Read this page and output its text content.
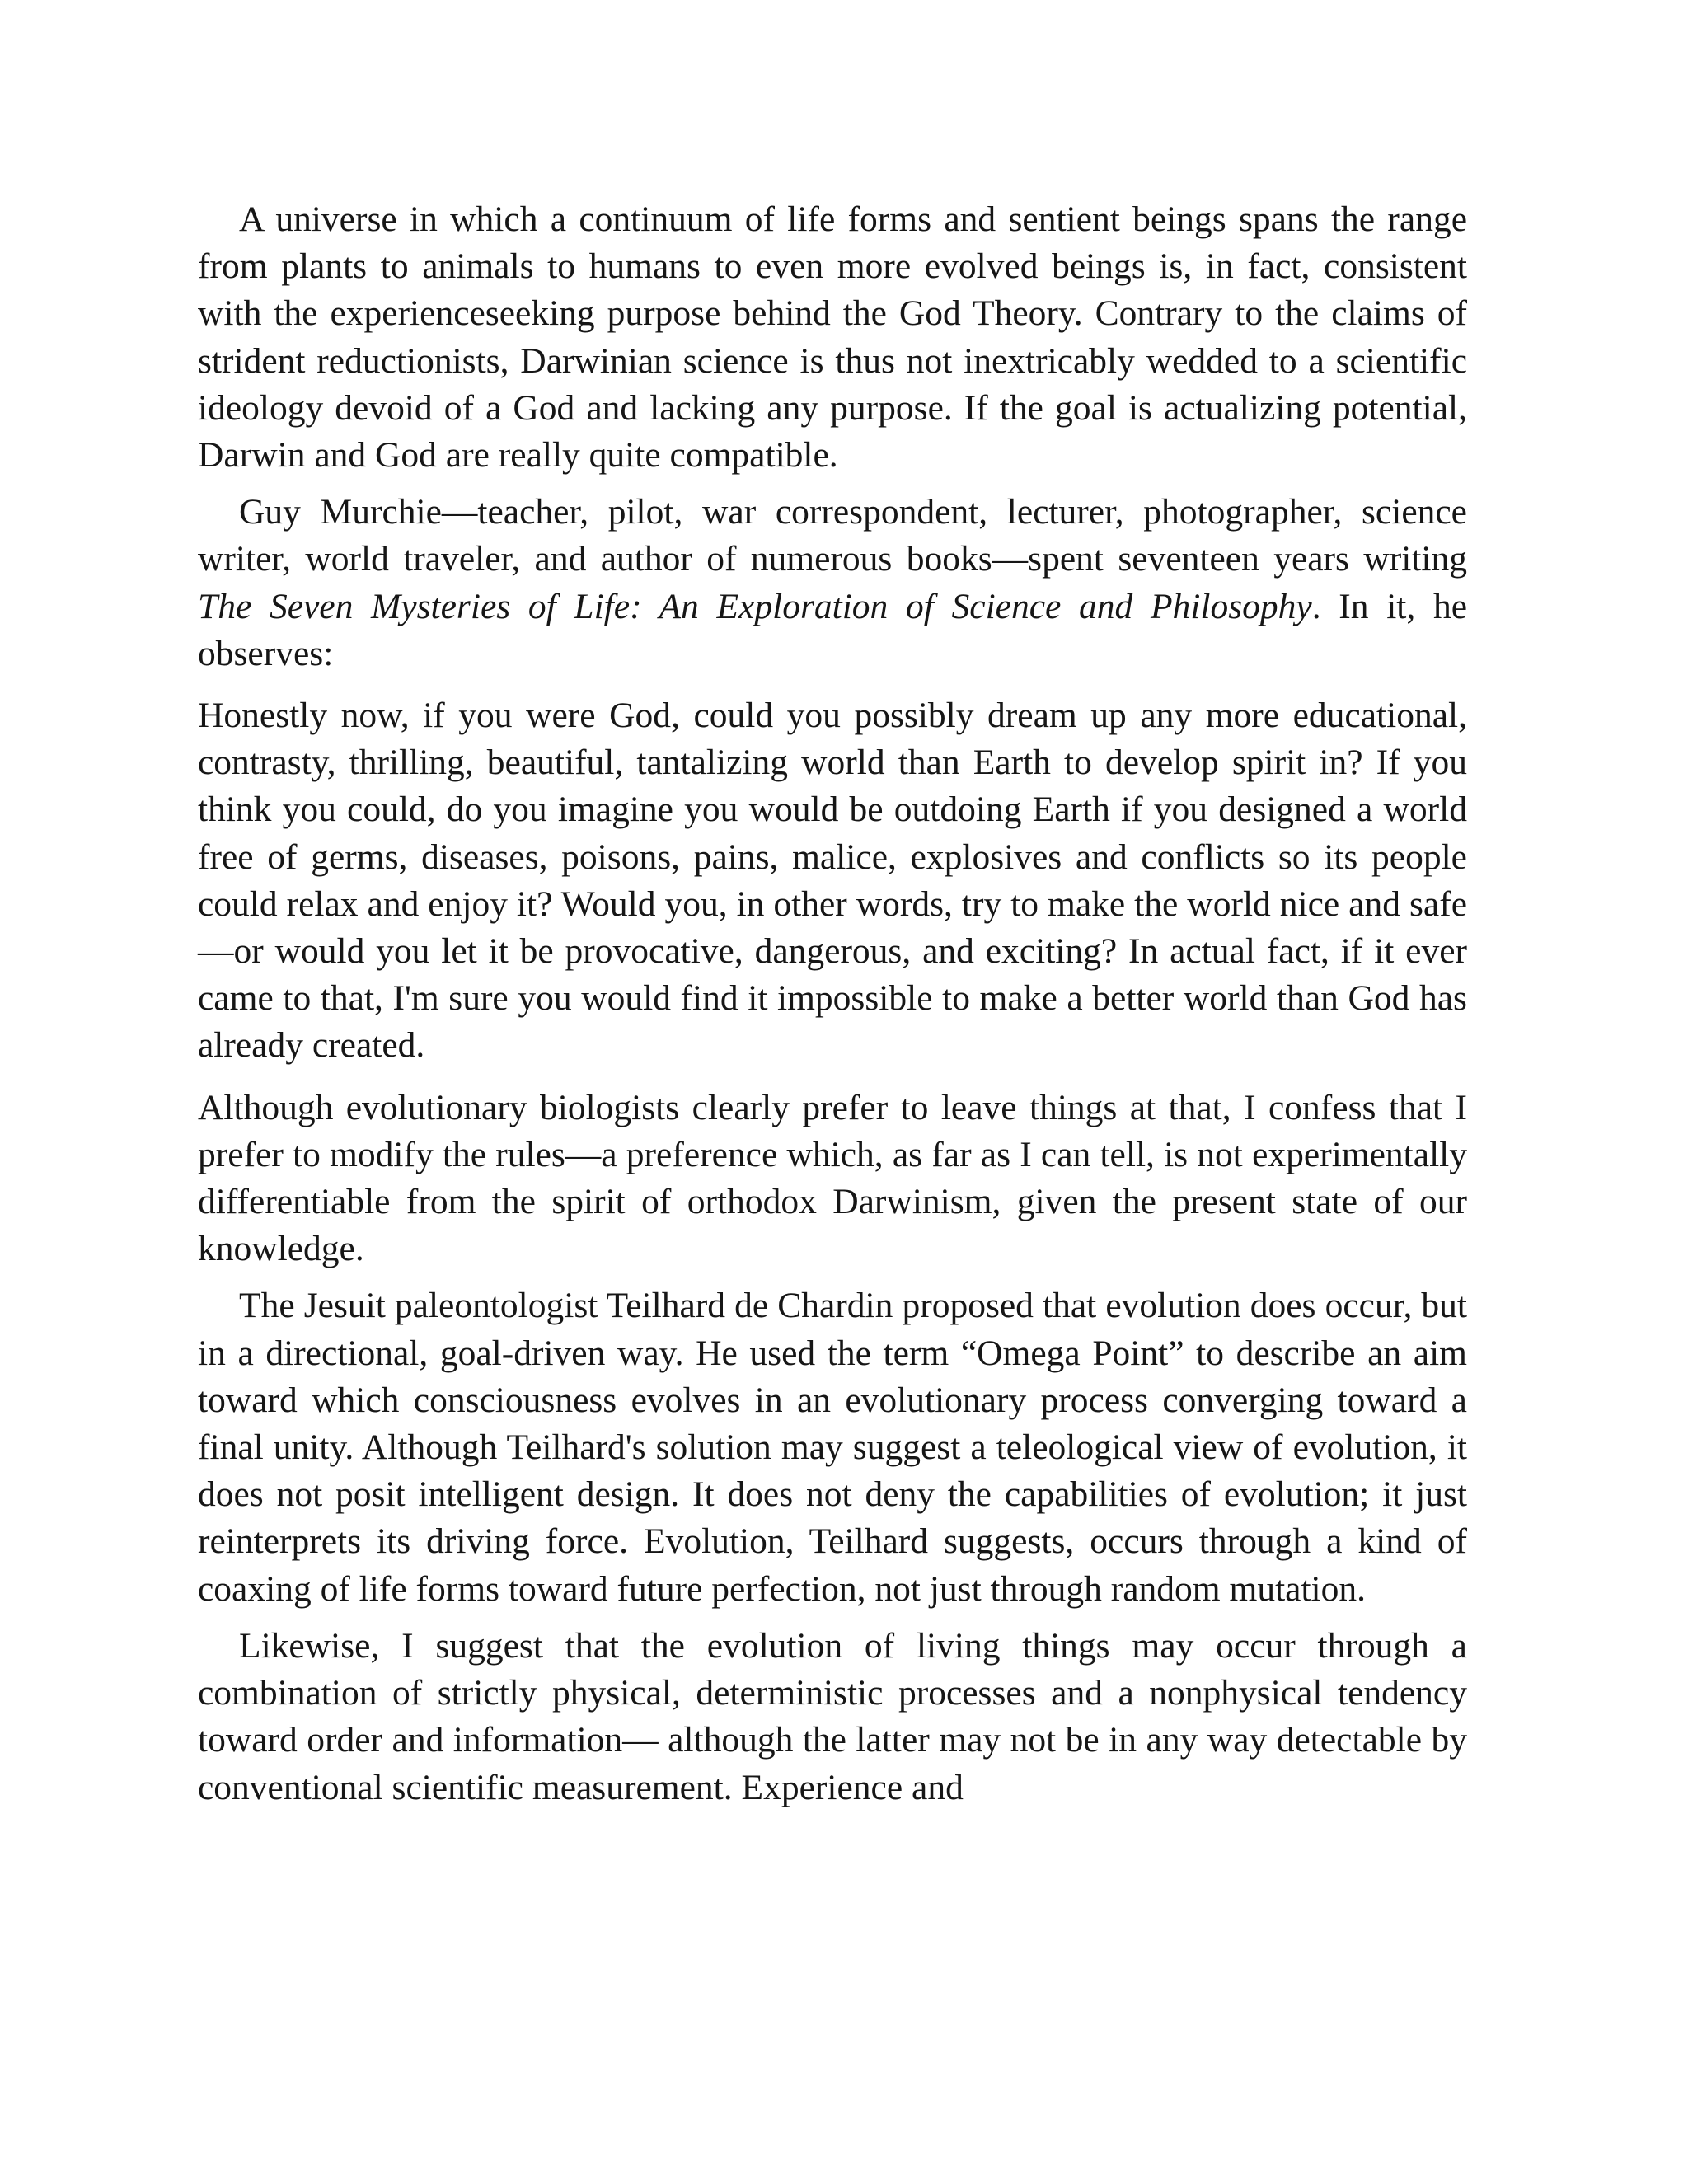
A universe in which a continuum of life forms and sentient beings spans the range from plants to animals to humans to even more evolved beings is, in fact, consistent with the experienceseeking purpose behind the God Theory. Contrary to the claims of strident reductionists, Darwinian science is thus not inextricably wedded to a scientific ideology devoid of a God and lacking any purpose. If the goal is actualizing potential, Darwin and God are really quite compatible.

Guy Murchie—teacher, pilot, war correspondent, lecturer, photographer, science writer, world traveler, and author of numerous books—spent seventeen years writing The Seven Mysteries of Life: An Exploration of Science and Philosophy. In it, he observes:

Honestly now, if you were God, could you possibly dream up any more educational, contrasty, thrilling, beautiful, tantalizing world than Earth to develop spirit in? If you think you could, do you imagine you would be outdoing Earth if you designed a world free of germs, diseases, poisons, pains, malice, explosives and conflicts so its people could relax and enjoy it? Would you, in other words, try to make the world nice and safe—or would you let it be provocative, dangerous, and exciting? In actual fact, if it ever came to that, I'm sure you would find it impossible to make a better world than God has already created.

Although evolutionary biologists clearly prefer to leave things at that, I confess that I prefer to modify the rules—a preference which, as far as I can tell, is not experimentally differentiable from the spirit of orthodox Darwinism, given the present state of our knowledge.

The Jesuit paleontologist Teilhard de Chardin proposed that evolution does occur, but in a directional, goal-driven way. He used the term “Omega Point” to describe an aim toward which consciousness evolves in an evolutionary process converging toward a final unity. Although Teilhard's solution may suggest a teleological view of evolution, it does not posit intelligent design. It does not deny the capabilities of evolution; it just reinterprets its driving force. Evolution, Teilhard suggests, occurs through a kind of coaxing of life forms toward future perfection, not just through random mutation.

Likewise, I suggest that the evolution of living things may occur through a combination of strictly physical, deterministic processes and a nonphysical tendency toward order and information— although the latter may not be in any way detectable by conventional scientific measurement. Experience and
